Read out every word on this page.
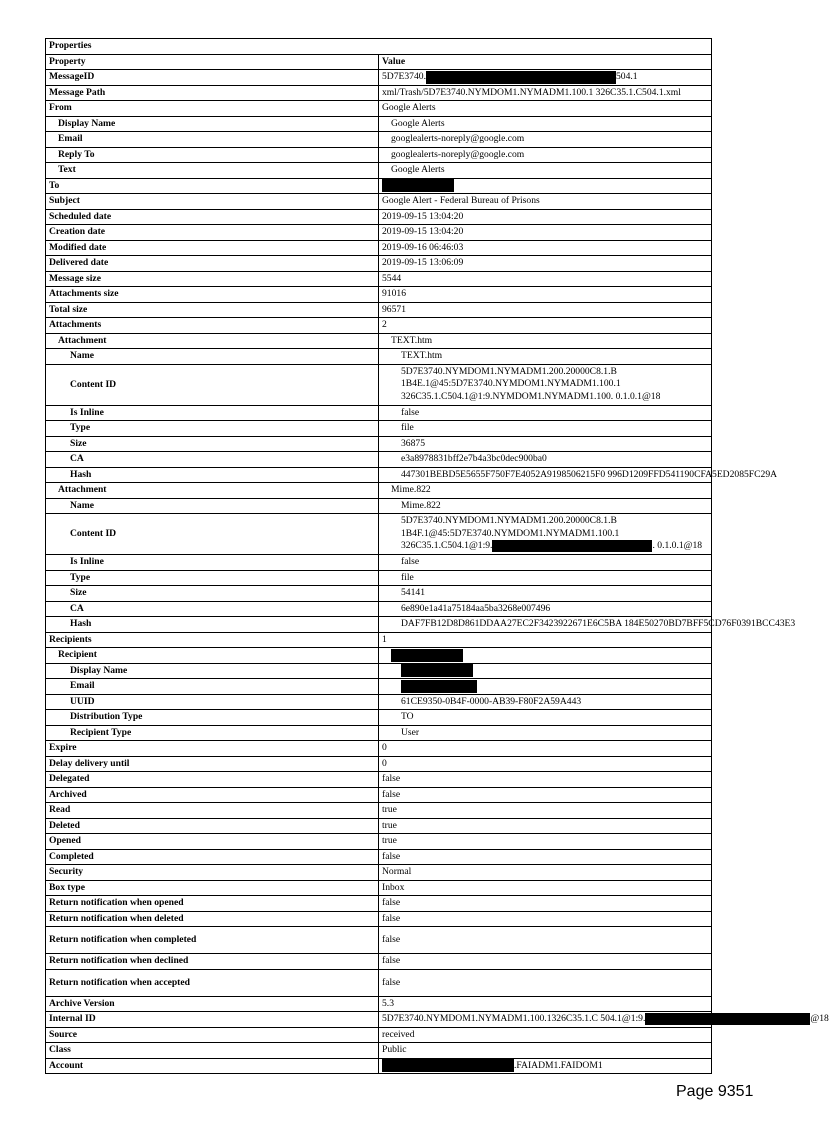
Properties	
Property	Value
MessageID	5D7E3740. 504.1
Message Path	xml/Trash/5D7E3740.NYMDOM1.NYMADM1.100.1 326C35.1.C504.1.xml
From	Google Alerts
Display Name	Google Alerts
Email	googlealerts-noreply@google.com
Reply To	googlealerts-noreply@google.com
Text	Google Alerts
To	
Subject	Google Alert - Federal Bureau of Prisons
Scheduled date	2019-09-15 13:04:20
Creation date	2019-09-15 13:04:20
Modified date	2019-09-16 06:46:03
Delivered date	2019-09-15 13:06:09
Message size	5544
Attachments size	91016
Total size	96571
Attachments	2
Attachment	TEXT.htm
Name	TEXT.htm
Content ID	5D7E3740.NYMDOM1.NYMADM1.200.20000C8.1.B
1B4E.1@45:5D7E3740.NYMDOM1.NYMADM1.100.1
326C35.1.C504.1@1:9.NYMDOM1.NYMADM1.100. 0.1.0.1@18

Is Inline	false
Type	file
Size	36875
CA	e3a8978831bff2e7b4a3bc0dec900ba0
Hash	447301BEBD5E5655F750F7E4052A9198506215F0 996D1209FFD541190CFA5ED2085FC29A
Attachment	Mime.822
Name	Mime.822
Content ID	5D7E3740.NYMDOM1.NYMADM1.200.20000C8.1.B
1B4F.1@45:5D7E3740.NYMDOM1.NYMADM1.100.1
326C35.1.C504.1@1:9. . 0.1.0.1@18

Is Inline	false
Type	file
Size	54141
CA	6e890e1a41a75184aa5ba3268e007496
Hash	DAF7FB12D8D861DDAA27EC2F3423922671E6C5BA 184E50270BD7BFF5CD76F0391BCC43E3
Recipients	1
Recipient	
Display Name	
Email	
UUID	61CE9350-0B4F-0000-AB39-F80F2A59A443
Distribution Type	TO
Recipient Type	User
Expire	0
Delay delivery until	0
Delegated	false
Archived	false
Read	true
Deleted	true
Opened	true
Completed	false
Security	Normal
Box type	Inbox
Return notification when opened	false
Return notification when deleted	false
Return notification when completed	false
Return notification when declined	false
Return notification when accepted	false
Archive Version	5.3
Internal ID	5D7E3740.NYMDOM1.NYMADM1.100.1326C35.1.C 504.1@1:9. @18
Source	received
Class	Public
Account	.FAIADM1.FAIDOM1
Page 9351
